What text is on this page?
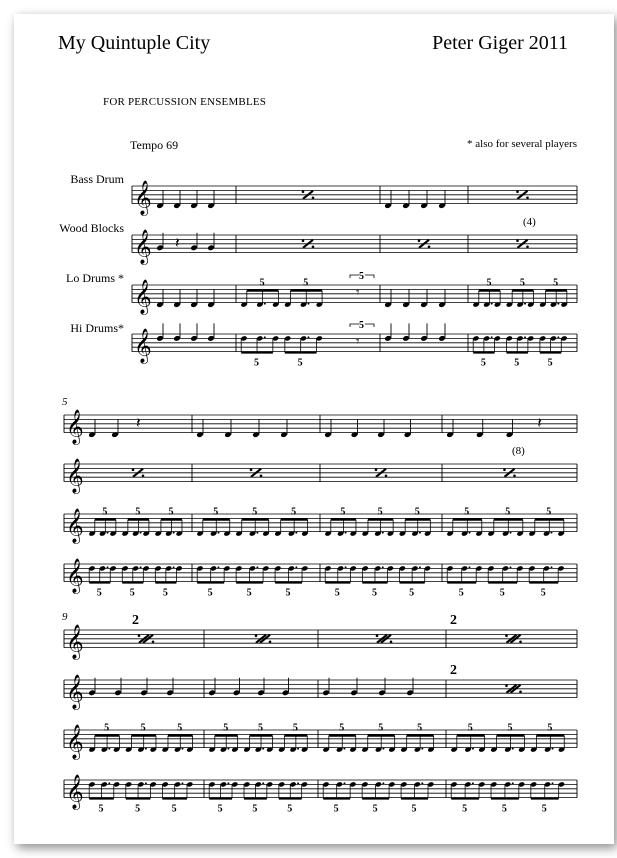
My Quintuple City	Peter Giger 2011
FOR PERCUSSION ENSEMBLES
Tempo 69	* also for several players
Bass Drum
Wood Blocks
Lo Drums *
Hi Drums*
𝄞
𝄞 𝄽
𝄞	5	5
𝄾
5
5	5	5
𝄞
5	5
𝄾
5
5	5	5
(4)
5
𝄞	𝄽	𝄽
𝄞
𝄞 5	5	5	5	5	5	5	5	5	5	5	5
𝄞
5	5	5	5	5	5	5	5	5	5	5	5
(8)
9
𝄞
𝄞
𝄞 5	5	5	5	5	5	5	5	5	5	5	5
𝄞
5	5	5	5	5	5	5	5	5	5	5	5
2	2
2
